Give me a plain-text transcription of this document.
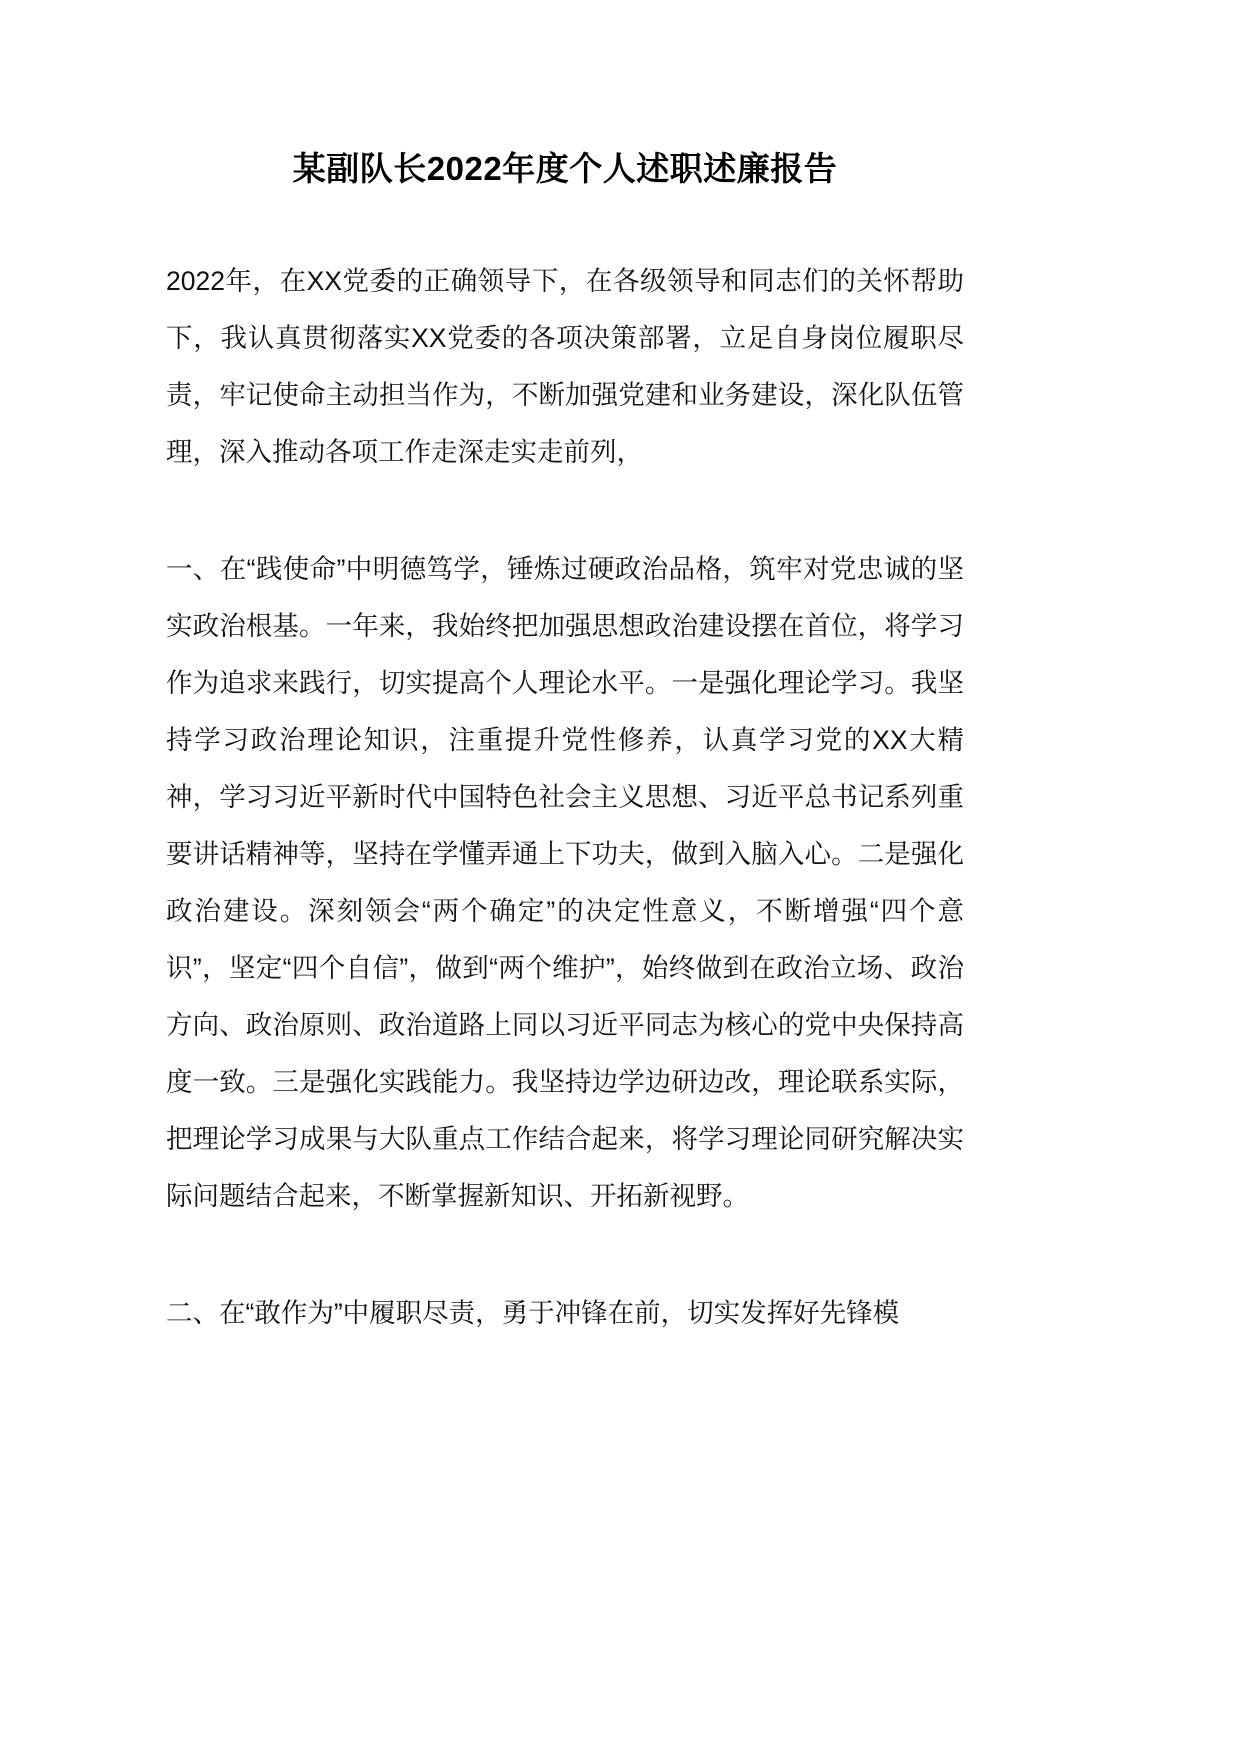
某副队长2022年度个人述职述廉报告

2022年，在XX党委的正确领导下，在各级领导和同志们的关怀帮助下，我认真贯彻落实XX党委的各项决策部署，立足自身岗位履职尽责，牢记使命主动担当作为，不断加强党建和业务建设，深化队伍管理，深入推动各项工作走深走实走前列，

一、在“践使命”中明德笃学，锤炼过硬政治品格，筑牢对党忠诚的坚实政治根基。一年来，我始终把加强思想政治建设摆在首位，将学习作为追求来践行，切实提高个人理论水平。一是强化理论学习。我坚持学习政治理论知识，注重提升党性修养，认真学习党的XX大精神，学习习近平新时代中国特色社会主义思想、习近平总书记系列重要讲话精神等，坚持在学懂弄通上下功夫，做到入脑入心。二是强化政治建设。深刻领会“两个确定”的决定性意义，不断增强“四个意识”，坚定“四个自信”，做到“两个维护”，始终做到在政治立场、政治方向、政治原则、政治道路上同以习近平同志为核心的党中央保持高度一致。三是强化实践能力。我坚持边学边研边改，理论联系实际，把理论学习成果与大队重点工作结合起来，将学习理论同研究解决实际问题结合起来，不断掌握新知识、开拓新视野。

二、在“敢作为”中履职尽责，勇于冲锋在前，切实发挥好先锋模
